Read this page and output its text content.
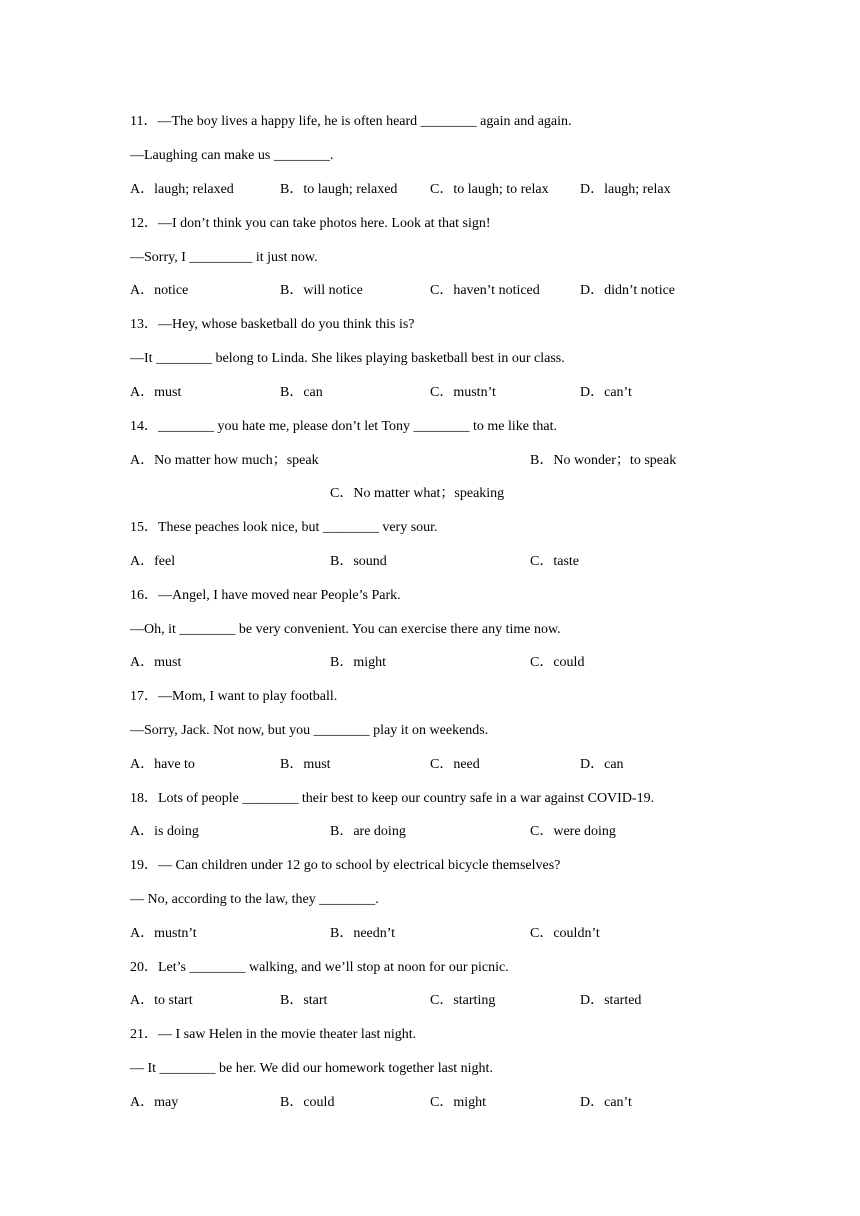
11．—The boy lives a happy life, he is often heard ________ again and again.
—Laughing can make us ________.
A．laugh; relaxed	B．to laugh; relaxed C．to laugh; to relax D．laugh; relax
12．—I don’t think you can take photos here. Look at that sign!
—Sorry, I _________ it just now.
A．notice	B．will notice	C．haven’t noticed	D．didn’t notice
13．—Hey, whose basketball do you think this is?
—It ________ belong to Linda. She likes playing basketball best in our class.
A．must	B．can	C．mustn’t	D．can’t
14．________ you hate me, please don’t let Tony ________ to me like that.
A．No matter how much；speak	B．No wonder；to speak
C．No matter what；speaking
15．These peaches look nice, but ________ very sour.
A．feel	B．sound	C．taste
16．—Angel, I have moved near People’s Park.
—Oh, it ________ be very convenient. You can exercise there any time now.
A．must	B．might	C．could
17．—Mom, I want to play football.
—Sorry, Jack. Not now, but you ________ play it on weekends.
A．have to	B．must	C．need	D．can
18．Lots of people ________ their best to keep our country safe in a war against COVID-19.
A．is doing	B．are doing	C．were doing
19．— Can children under 12 go to school by electrical bicycle themselves?
— No, according to the law, they ________.
A．mustn’t	B．needn’t	C．couldn’t
20．Let’s ________ walking, and we’ll stop at noon for our picnic.
A．to start	B．start	C．starting	D．started
21．— I saw Helen in the movie theater last night.
— It ________ be her. We did our homework together last night.
A．may	B．could	C．might	D．can’t
